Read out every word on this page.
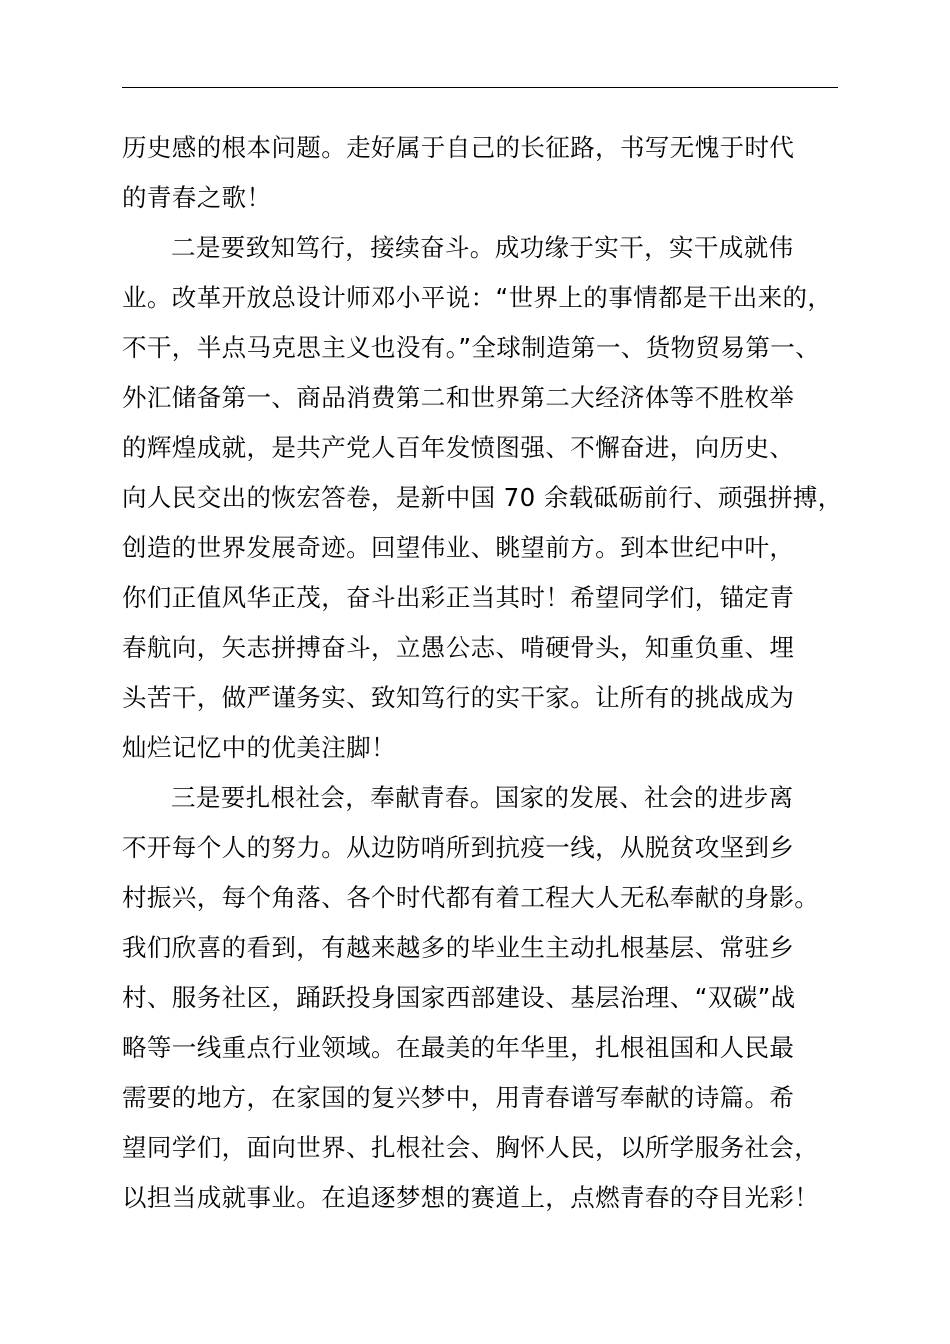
历史感的根本问题。走好属于自己的长征路，书写无愧于时代
的青春之歌！
二是要致知笃行，接续奋斗。成功缘于实干，实干成就伟
业。改革开放总设计师邓小平说：“世界上的事情都是干出来的，
不干，半点马克思主义也没有。”全球制造第一、货物贸易第一、
外汇储备第一、商品消费第二和世界第二大经济体等不胜枚举
的辉煌成就，是共产党人百年发愤图强、不懈奋进，向历史、
向人民交出的恢宏答卷，是新中国 70 余载砥砺前行、顽强拼搏，
创造的世界发展奇迹。回望伟业、眺望前方。到本世纪中叶，
你们正值风华正茂，奋斗出彩正当其时！希望同学们，锚定青
春航向，矢志拼搏奋斗，立愚公志、啃硬骨头，知重负重、埋
头苦干，做严谨务实、致知笃行的实干家。让所有的挑战成为
灿烂记忆中的优美注脚！
三是要扎根社会，奉献青春。国家的发展、社会的进步离
不开每个人的努力。从边防哨所到抗疫一线，从脱贫攻坚到乡
村振兴，每个角落、各个时代都有着工程大人无私奉献的身影。
我们欣喜的看到，有越来越多的毕业生主动扎根基层、常驻乡
村、服务社区，踊跃投身国家西部建设、基层治理、“双碳”战
略等一线重点行业领域。在最美的年华里，扎根祖国和人民最
需要的地方，在家国的复兴梦中，用青春谱写奉献的诗篇。希
望同学们，面向世界、扎根社会、胸怀人民，以所学服务社会，
以担当成就事业。在追逐梦想的赛道上，点燃青春的夺目光彩！
